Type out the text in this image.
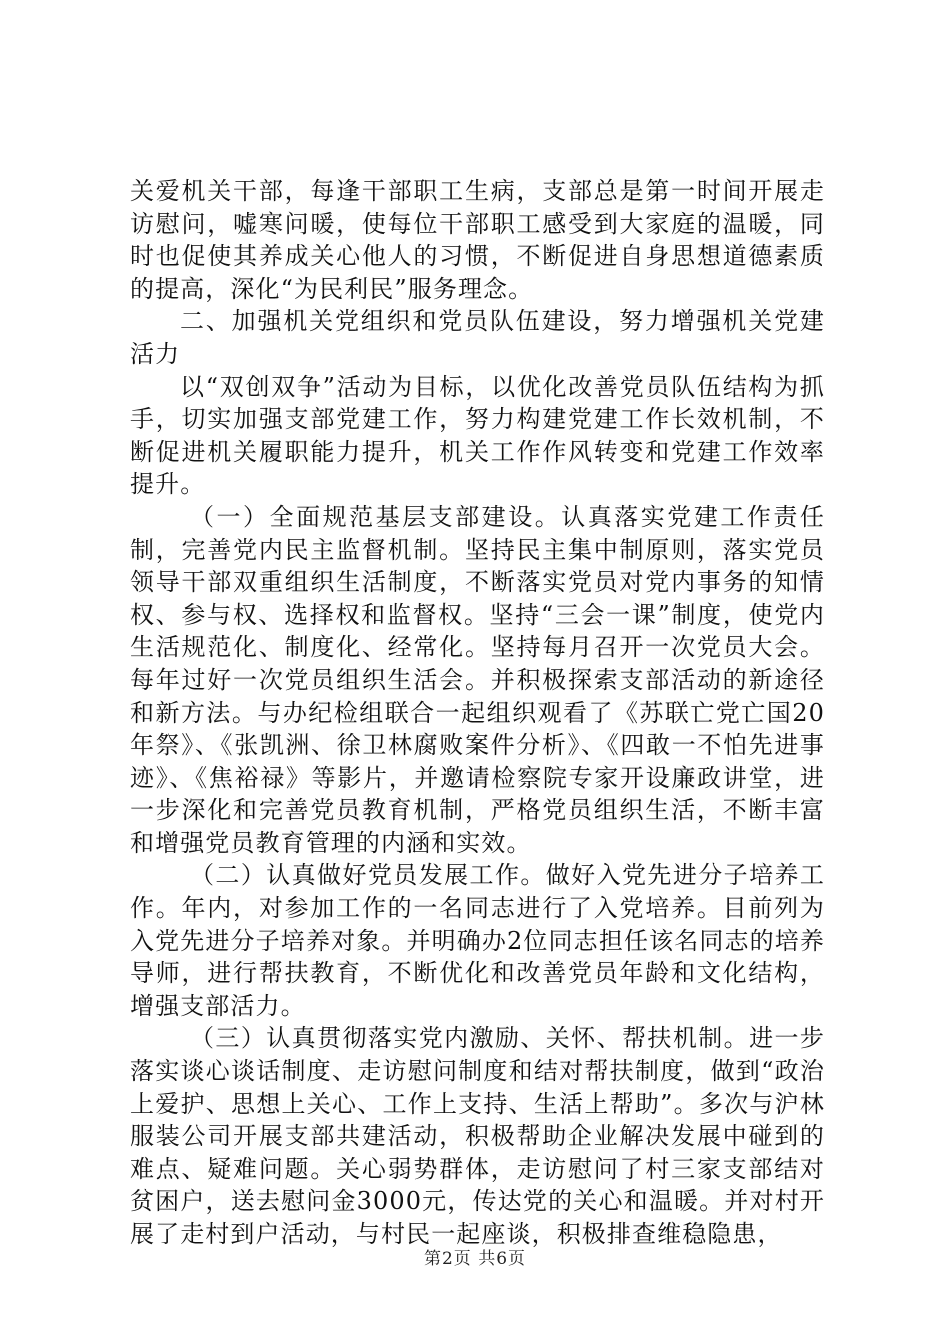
关爱机关干部，每逢干部职工生病，支部总是第一时间开展走访慰问，嘘寒问暖，使每位干部职工感受到大家庭的温暖，同时也促使其养成关心他人的习惯，不断促进自身思想道德素质的提高，深化“为民利民”服务理念。

二、加强机关党组织和党员队伍建设，努力增强机关党建活力

以“双创双争”活动为目标，以优化改善党员队伍结构为抓手，切实加强支部党建工作，努力构建党建工作长效机制，不断促进机关履职能力提升，机关工作作风转变和党建工作效率提升。

（一）全面规范基层支部建设。认真落实党建工作责任制，完善党内民主监督机制。坚持民主集中制原则，落实党员领导干部双重组织生活制度，不断落实党员对党内事务的知情权、参与权、选择权和监督权。坚持“三会一课”制度，使党内生活规范化、制度化、经常化。坚持每月召开一次党员大会。每年过好一次党员组织生活会。并积极探索支部活动的新途径和新方法。与办纪检组联合一起组织观看了《苏联亡党亡国20年祭》、《张凯洲、徐卫林腐败案件分析》、《四敢一不怕先进事迹》、《焦裕禄》等影片，并邀请检察院专家开设廉政讲堂，进一步深化和完善党员教育机制，严格党员组织生活，不断丰富和增强党员教育管理的内涵和实效。

（二）认真做好党员发展工作。做好入党先进分子培养工作。年内，对参加工作的一名同志进行了入党培养。目前列为入党先进分子培养对象。并明确办2位同志担任该名同志的培养导师，进行帮扶教育，不断优化和改善党员年龄和文化结构，增强支部活力。

（三）认真贯彻落实党内激励、关怀、帮扶机制。进一步落实谈心谈话制度、走访慰问制度和结对帮扶制度，做到“政治上爱护、思想上关心、工作上支持、生活上帮助”。多次与沪林服装公司开展支部共建活动，积极帮助企业解决发展中碰到的难点、疑难问题。关心弱势群体，走访慰问了村三家支部结对贫困户，送去慰问金3000元，传达党的关心和温暖。并对村开展了走村到户活动，与村民一起座谈，积极排查维稳隐患，

第2页 共6页
